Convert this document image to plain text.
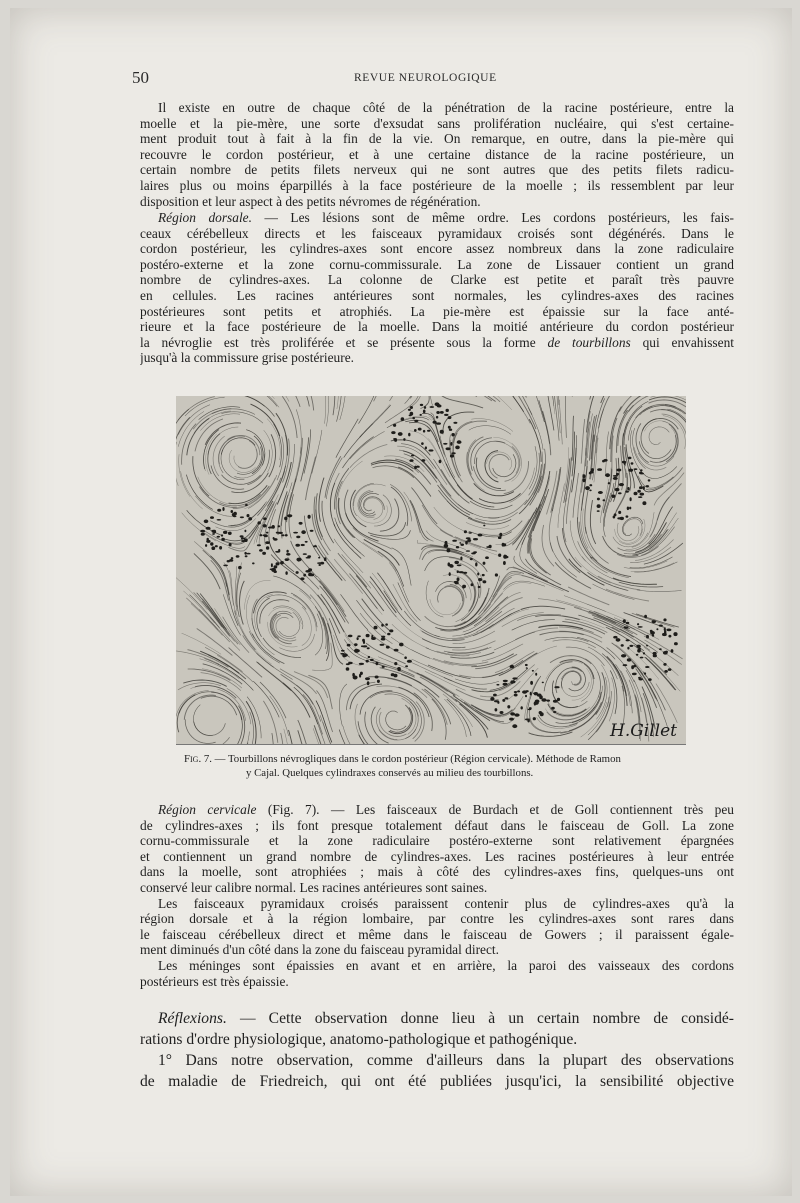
50	REVUE NEUROLOGIQUE
Il existe en outre de chaque côté de la pénétration de la racine postérieure, entre la
moelle et la pie-mère, une sorte d'exsudat sans prolifération nucléaire, qui s'est certaine-
ment produit tout à fait à la fin de la vie. On remarque, en outre, dans la pie-mère qui
recouvre le cordon postérieur, et à une certaine distance de la racine postérieure, un
certain nombre de petits filets nerveux qui ne sont autres que des petits filets radicu-
laires plus ou moins éparpillés à la face postérieure de la moelle ; ils ressemblent par leur
disposition et leur aspect à des petits névromes de régénération.
Région dorsale. — Les lésions sont de même ordre. Les cordons postérieurs, les fais-
ceaux cérébelleux directs et les faisceaux pyramidaux croisés sont dégénérés. Dans le
cordon postérieur, les cylindres-axes sont encore assez nombreux dans la zone radiculaire
postéro-externe et la zone cornu-commissurale. La zone de Lissauer contient un grand
nombre de cylindres-axes. La colonne de Clarke est petite et paraît très pauvre
en cellules. Les racines antérieures sont normales, les cylindres-axes des racines
postérieures sont petits et atrophiés. La pie-mère est épaissie sur la face anté-
rieure et la face postérieure de la moelle. Dans la moitié antérieure du cordon postérieur
la névroglie est très proliférée et se présente sous la forme de tourbillons qui envahissent
jusqu'à la commissure grise postérieure.
H.Gillet
Fig. 7. — Tourbillons névrogliques dans le cordon postérieur (Région cervicale). Méthode de Ramon
y Cajal. Quelques cylindraxes conservés au milieu des tourbillons.
Région cervicale (Fig. 7). — Les faisceaux de Burdach et de Goll contiennent très peu
de cylindres-axes ; ils font presque totalement défaut dans le faisceau de Goll. La zone
cornu-commissurale et la zone radiculaire postéro-externe sont relativement épargnées
et contiennent un grand nombre de cylindres-axes. Les racines postérieures à leur entrée
dans la moelle, sont atrophiées ; mais à côté des cylindres-axes fins, quelques-uns ont
conservé leur calibre normal. Les racines antérieures sont saines.
Les faisceaux pyramidaux croisés paraissent contenir plus de cylindres-axes qu'à la
région dorsale et à la région lombaire, par contre les cylindres-axes sont rares dans
le faisceau cérébelleux direct et même dans le faisceau de Gowers ; il paraissent égale-
ment diminués d'un côté dans la zone du faisceau pyramidal direct.
Les méninges sont épaissies en avant et en arrière, la paroi des vaisseaux des cordons
postérieurs est très épaissie.
Réflexions. — Cette observation donne lieu à un certain nombre de considé-
rations d'ordre physiologique, anatomo-pathologique et pathogénique.
1° Dans notre observation, comme d'ailleurs dans la plupart des observations
de maladie de Friedreich, qui ont été publiées jusqu'ici, la sensibilité objective
